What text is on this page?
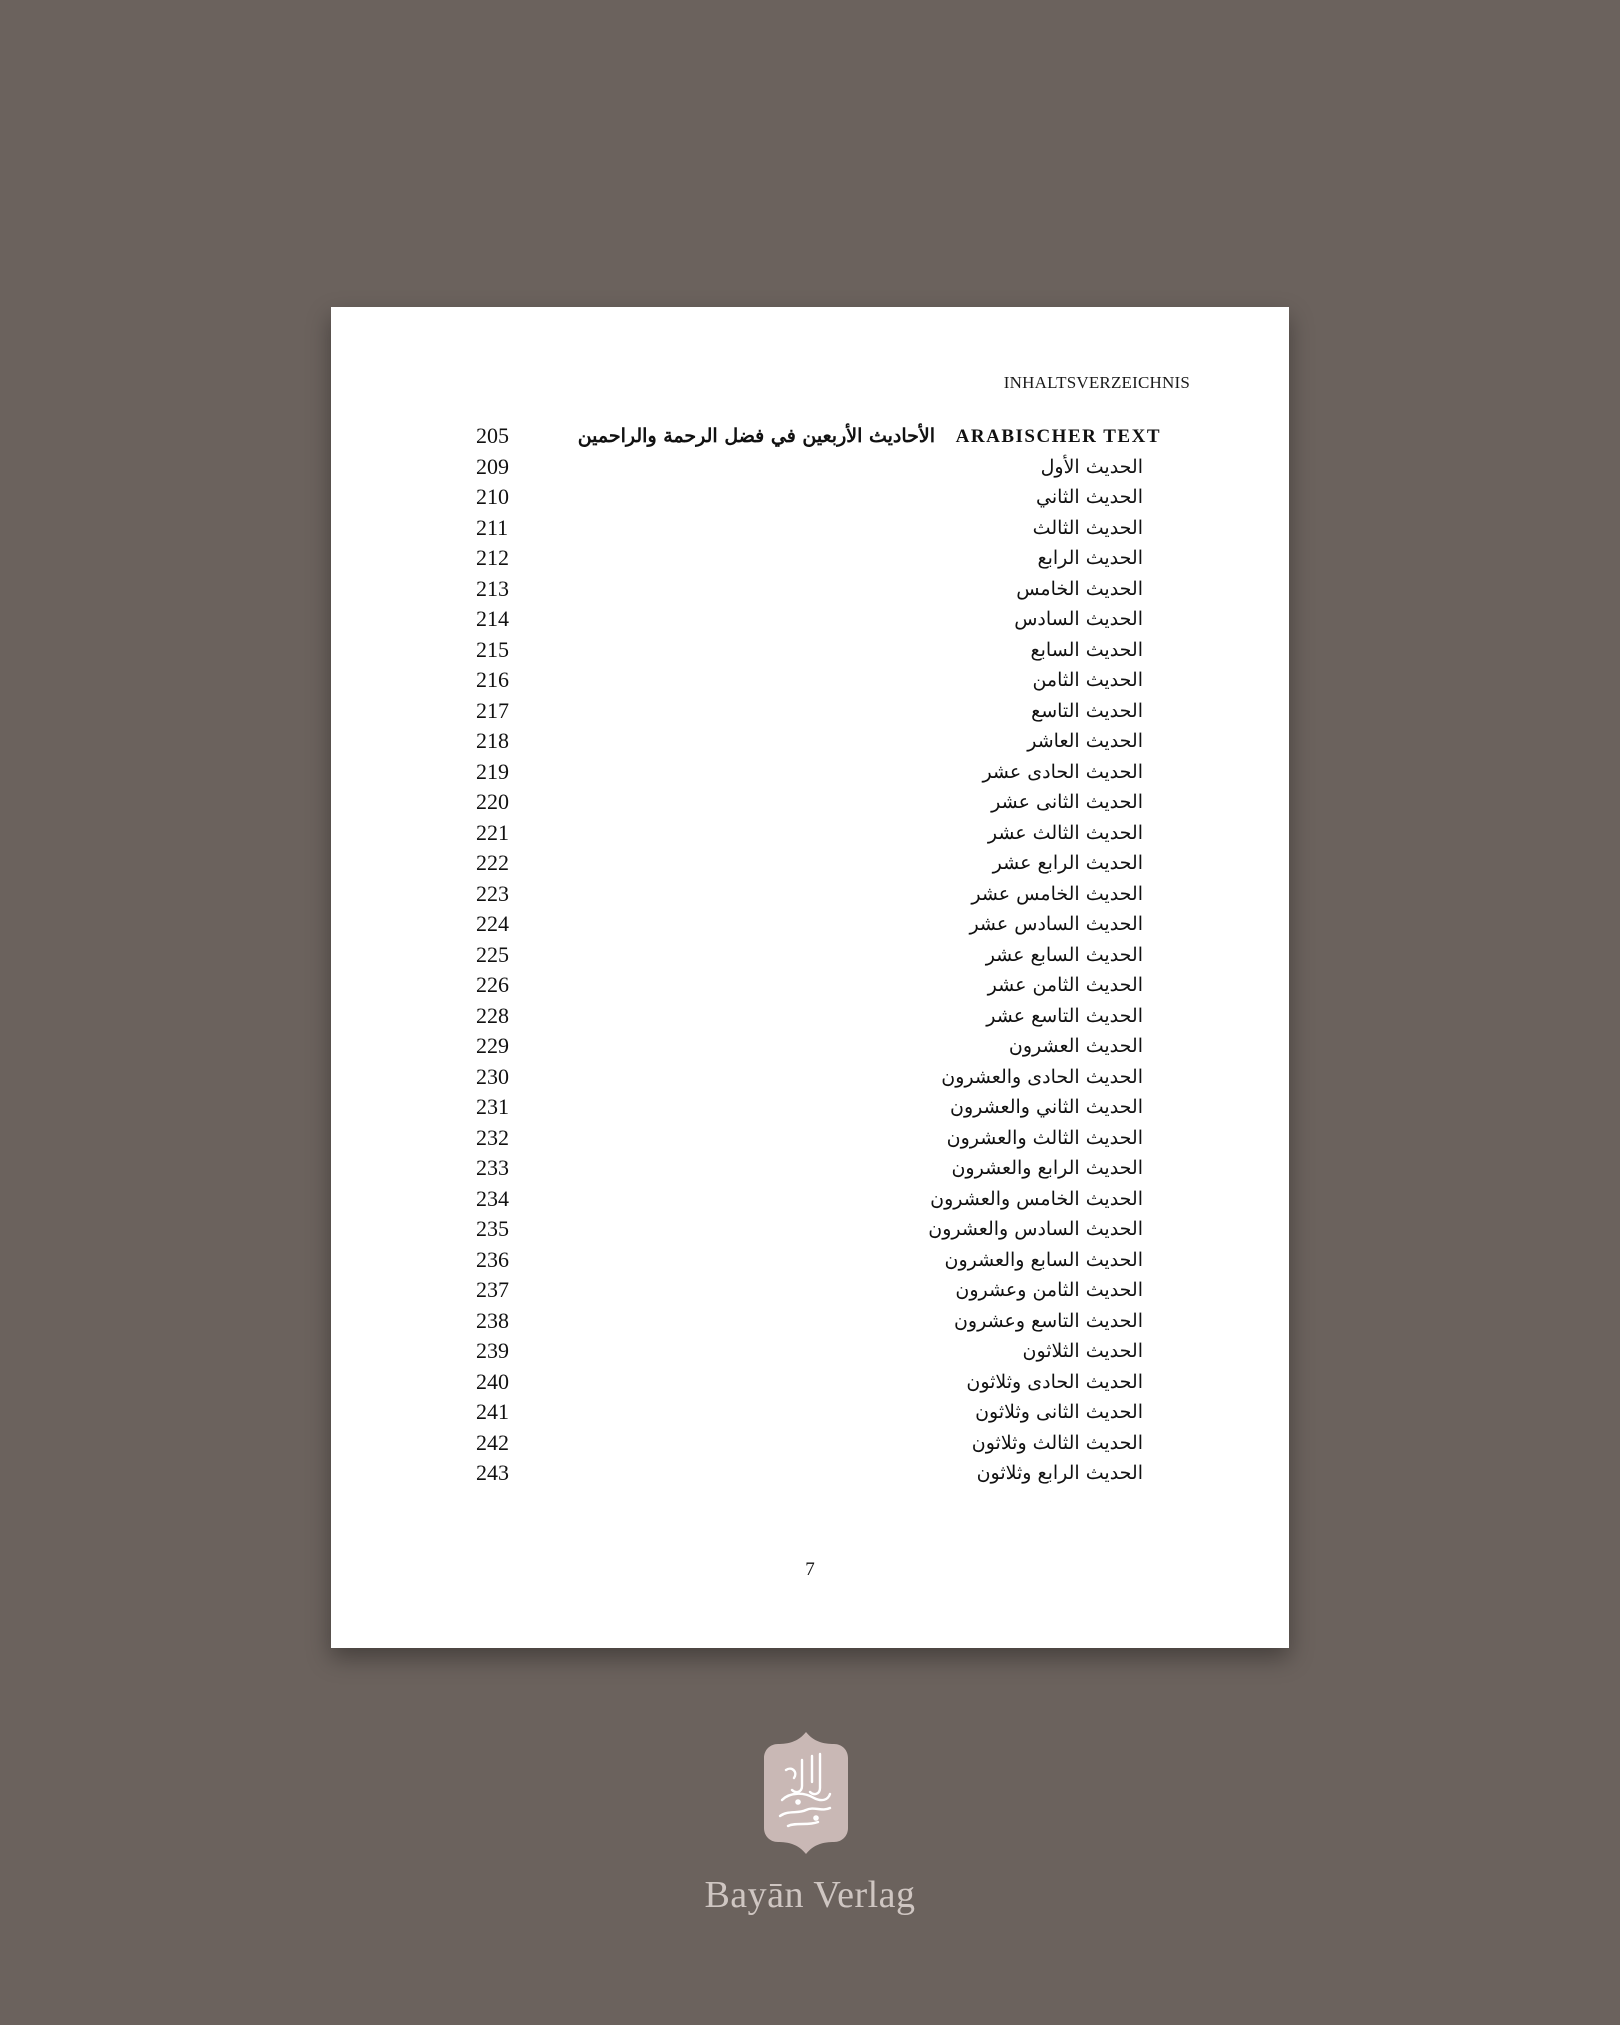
INHALTSVERZEICHNIS
205	الأحاديث الأربعين في فضل الرحمة والراحمين ARABISCHER TEXT
209	الحديث الأول
210	الحديث الثاني
211	الحديث الثالث
212	الحديث الرابع
213	الحديث الخامس
214	الحديث السادس
215	الحديث السابع
216	الحديث الثامن
217	الحديث التاسع
218	الحديث العاشر
219	الحديث الحادى عشر
220	الحديث الثانى عشر
221	الحديث الثالث عشر
222	الحديث الرابع عشر
223	الحديث الخامس عشر
224	الحديث السادس عشر
225	الحديث السابع عشر
226	الحديث الثامن عشر
228	الحديث التاسع عشر
229	الحديث العشرون
230	الحديث الحادى والعشرون
231	الحديث الثاني والعشرون
232	الحديث الثالث والعشرون
233	الحديث الرابع والعشرون
234	الحديث الخامس والعشرون
235	الحديث السادس والعشرون
236	الحديث السابع والعشرون
237	الحديث الثامن وعشرون
238	الحديث التاسع وعشرون
239	الحديث الثلاثون
240	الحديث الحادى وثلاثون
241	الحديث الثانى وثلاثون
242	الحديث الثالث وثلاثون
243	الحديث الرابع وثلاثون
7
Bayān Verlag
